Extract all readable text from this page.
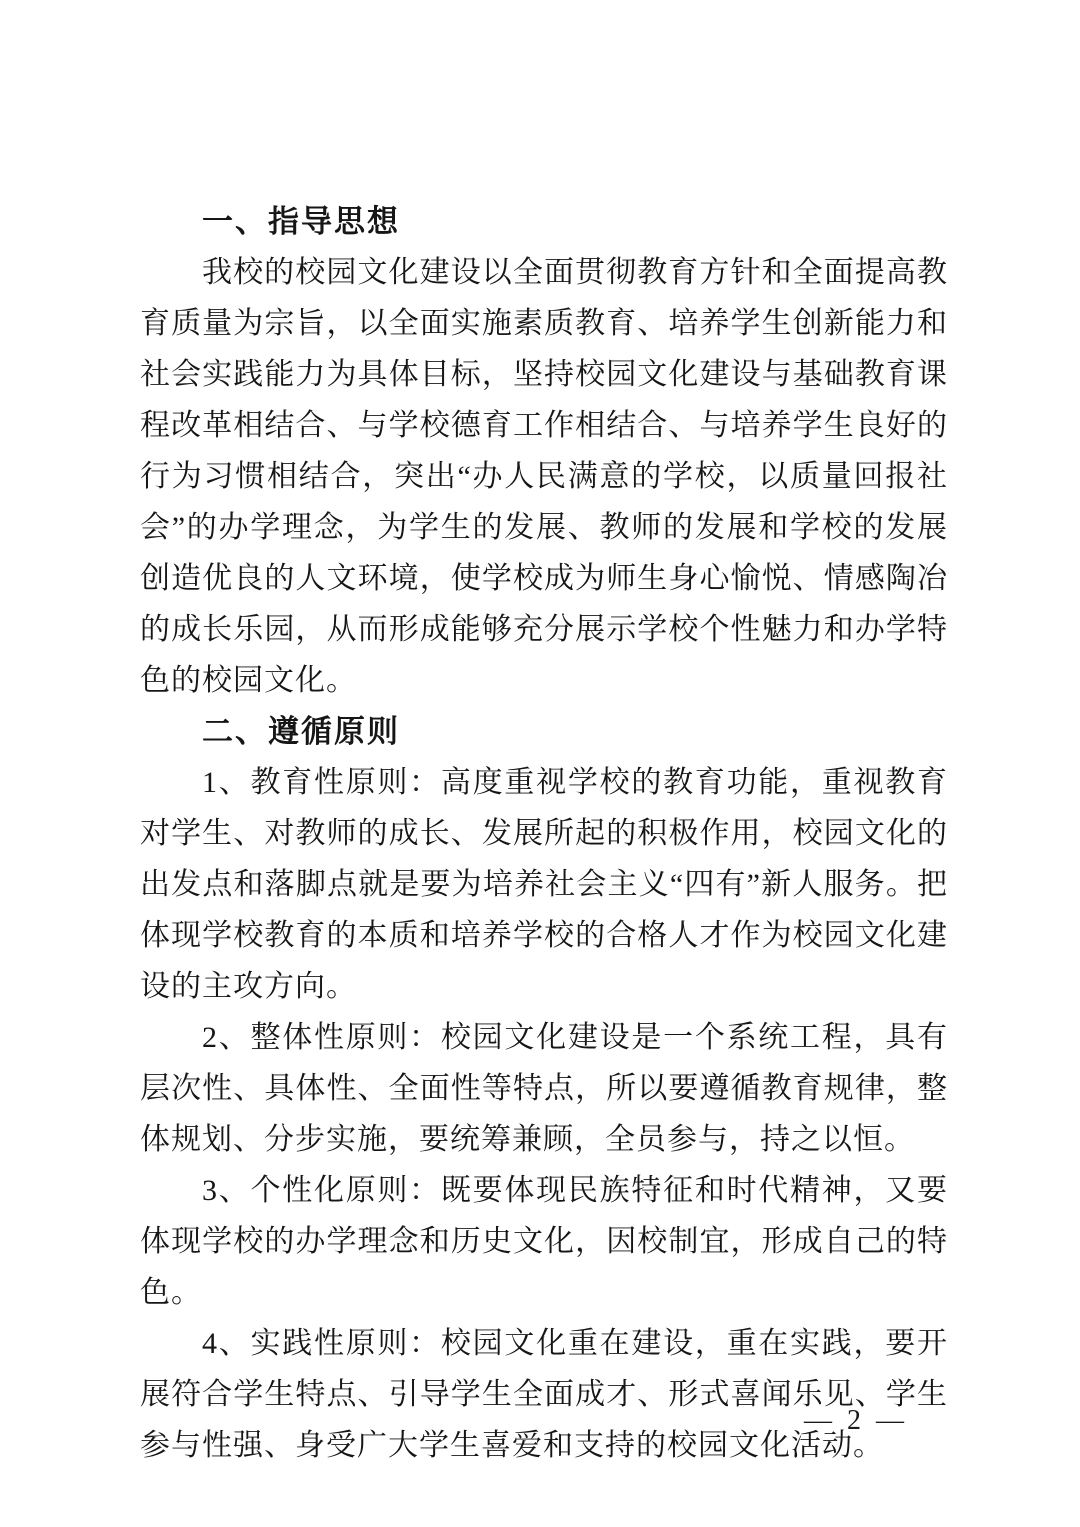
一、指导思想

我校的校园文化建设以全面贯彻教育方针和全面提高教育质量为宗旨，以全面实施素质教育、培养学生创新能力和社会实践能力为具体目标，坚持校园文化建设与基础教育课程改革相结合、与学校德育工作相结合、与培养学生良好的行为习惯相结合，突出“办人民满意的学校，以质量回报社会”的办学理念，为学生的发展、教师的发展和学校的发展创造优良的人文环境，使学校成为师生身心愉悦、情感陶冶的成长乐园，从而形成能够充分展示学校个性魅力和办学特色的校园文化。

二、遵循原则

1、教育性原则：高度重视学校的教育功能，重视教育对学生、对教师的成长、发展所起的积极作用，校园文化的出发点和落脚点就是要为培养社会主义“四有”新人服务。把体现学校教育的本质和培养学校的合格人才作为校园文化建设的主攻方向。

2、整体性原则：校园文化建设是一个系统工程，具有层次性、具体性、全面性等特点，所以要遵循教育规律，整体规划、分步实施，要统筹兼顾，全员参与，持之以恒。

3、个性化原则：既要体现民族特征和时代精神，又要体现学校的办学理念和历史文化，因校制宜，形成自己的特色。

4、实践性原则：校园文化重在建设，重在实践，要开展符合学生特点、引导学生全面成才、形式喜闻乐见、学生参与性强、身受广大学生喜爱和支持的校园文化活动。

— 2 —
